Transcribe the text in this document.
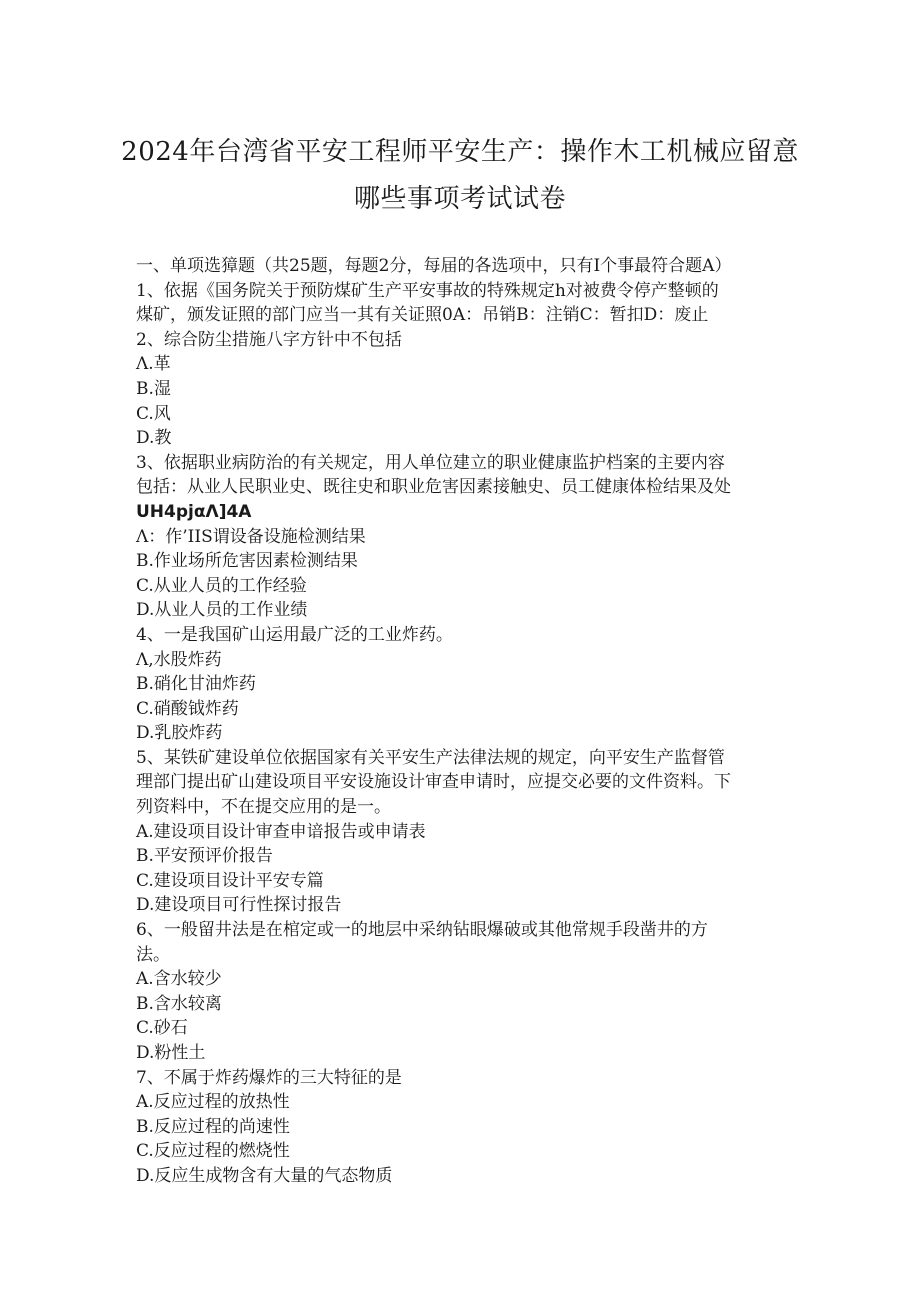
2024年台湾省平安工程师平安生产：操作木工机械应留意
哪些事项考试试卷
一、单项选獐题（共25题，每题2分，每届的各选项中，只有I个事最符合题A）
1、依据《国务院关于预防煤矿生产平安事故的特殊规定h对被费令停产整顿的
煤矿，颁发证照的部门应当一其有关证照0A：吊销B：注销C：暂扣D：废止
2、综合防尘措施八字方针中不包括
Λ.革
B.湿
C.风
D.教
3、依据职业病防治的有关规定，用人单位建立的职业健康监护档案的主要内容
包括：从业人民职业史、既往史和职业危害因素接触史、员工健康体检结果及处
UH4pjαΛ]4A
Λ：作’IIS谓设备设施检测结果
B.作业场所危害因素检测结果
C.从业人员的工作经验
D.从业人员的工作业绩
4、一是我国矿山运用最广泛的工业炸药。
Λ,水股炸药
B.硝化甘油炸药
C.硝酸钺炸药
D.乳胶炸药
5、某铁矿建设单位依据国家有关平安生产法律法规的规定，向平安生产监督管
理部门提出矿山建设项目平安设施设计审查申请时，应提交必要的文件资料。下
列资料中，不在提交应用的是一。
A.建设项目设计审查申谙报告或申请表
B.平安预评价报告
C.建设项目设计平安专篇
D.建设项目可行性探讨报告
6、一般留井法是在棺定或一的地层中采纳钻眼爆破或其他常规手段凿井的方
法。
A.含水较少
B.含水较离
C.砂石
D.粉性土
7、不属于炸药爆炸的三大特征的是
A.反应过程的放热性
B.反应过程的尚速性
C.反应过程的燃烧性
D.反应生成物含有大量的气态物质
